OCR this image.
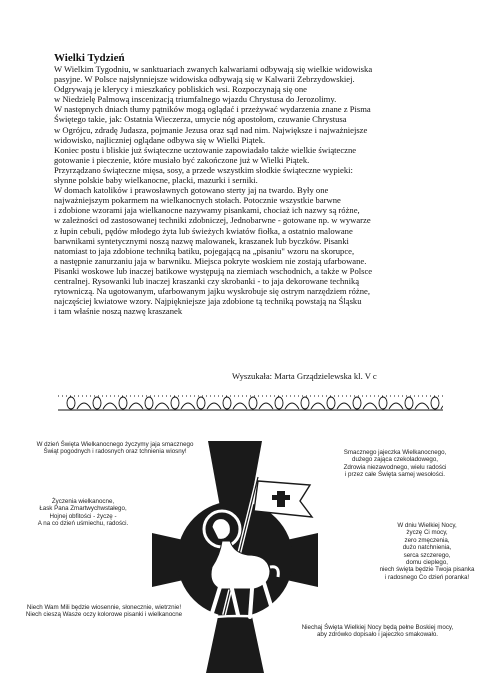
Wielki Tydzień
W Wielkim Tygodniu, w sanktuariach zwanych kalwariami odbywają się wielkie widowiska
pasyjne. W Polsce najsłynniejsze widowiska odbywają się w Kalwarii Zebrzydowskiej.
Odgrywają je klerycy i mieszkańcy pobliskich wsi. Rozpoczynają się one
w Niedzielę Palmową inscenizacją triumfalnego wjazdu Chrystusa do Jerozolimy.
W następnych dniach tłumy pątników mogą oglądać i przeżywać wydarzenia znane z Pisma
Świętego takie, jak: Ostatnia Wieczerza, umycie nóg apostołom, czuwanie Chrystusa
w Ogrójcu, zdradę Judasza, pojmanie Jezusa oraz sąd nad nim. Największe i najważniejsze
widowisko, najliczniej oglądane odbywa się w Wielki Piątek.
Koniec postu i bliskie już świąteczne ucztowanie zapowiadało także wielkie świąteczne
gotowanie i pieczenie, które musiało być zakończone już w Wielki Piątek.
Przyrządzano świąteczne mięsa, sosy, a przede wszystkim słodkie świąteczne wypieki:
słynne polskie baby wielkanocne, placki, mazurki i serniki.
W domach katolików i prawosławnych gotowano sterty jaj na twardo. Były one
najważniejszym pokarmem na wielkanocnych stołach. Potocznie wszystkie barwne
i zdobione wzorami jaja wielkanocne nazywamy pisankami, chociaż ich nazwy są różne,
w zależności od zastosowanej techniki zdobniczej, Jednobarwne - gotowane np. w wywarze
z łupin cebuli, pędów młodego żyta lub świeżych kwiatów fiołka, a ostatnio malowane
barwnikami syntetycznymi noszą nazwę malowanek, kraszanek lub byczków. Pisanki
natomiast to jaja zdobione techniką batiku, pojegającą na „pisaniu" wzoru na skorupce,
a następnie zanurzaniu jaja w barwniku. Miejsca pokryte woskiem nie zostają ufarbowane.
Pisanki woskowe lub inaczej batikowe występują na ziemiach wschodnich, a także w Polsce
centralnej. Rysowanki lub inaczej kraszanki czy skrobanki - to jaja dekorowane techniką
rytowniczą. Na ugotowanym, ufarbowanym jajku wyskrobuje się ostrym narzędziem różne,
najczęściej kwiatowe wzory. Najpiękniejsze jaja zdobione tą techniką powstają na Śląsku
i tam właśnie noszą nazwę kraszanek
Wyszukała: Marta Grządzielewska kl. V c
W dzień Święta Wielkanocnego życzymy jaja smacznego
Świąt pogodnych i radosnych oraz tchnienia wiosny!	Smacznego jajeczka Wielkanocnego,
dużego zająca czekoladowego,
Zdrowia niezawodnego, wielu radości
i przez całe Święta samej wesołości.
Życzenia wielkanocne,
Łask Pana Zmartwychwstałego,
Hojnej obfitości - życzę -
A na co dzień uśmiechu, radości.	W dniu Wielkiej Nocy,
życzę Ci mocy,
zero zmęczenia,
dużo natchnienia,
serca szczerego,
domu cieplego,
niech święta będzie Twoja pisanka
i radosnego Co dzień poranka!
Niech Wam Mili będzie wiosennie, słonecznie, wietrznie!
Niech cieszą Wasze oczy kolorowe pisanki i wielkanocne
Niechaj Święta Wielkiej Nocy będą pełne Boskiej mocy,
aby zdrówko dopisało i jajeczko smakowało.
